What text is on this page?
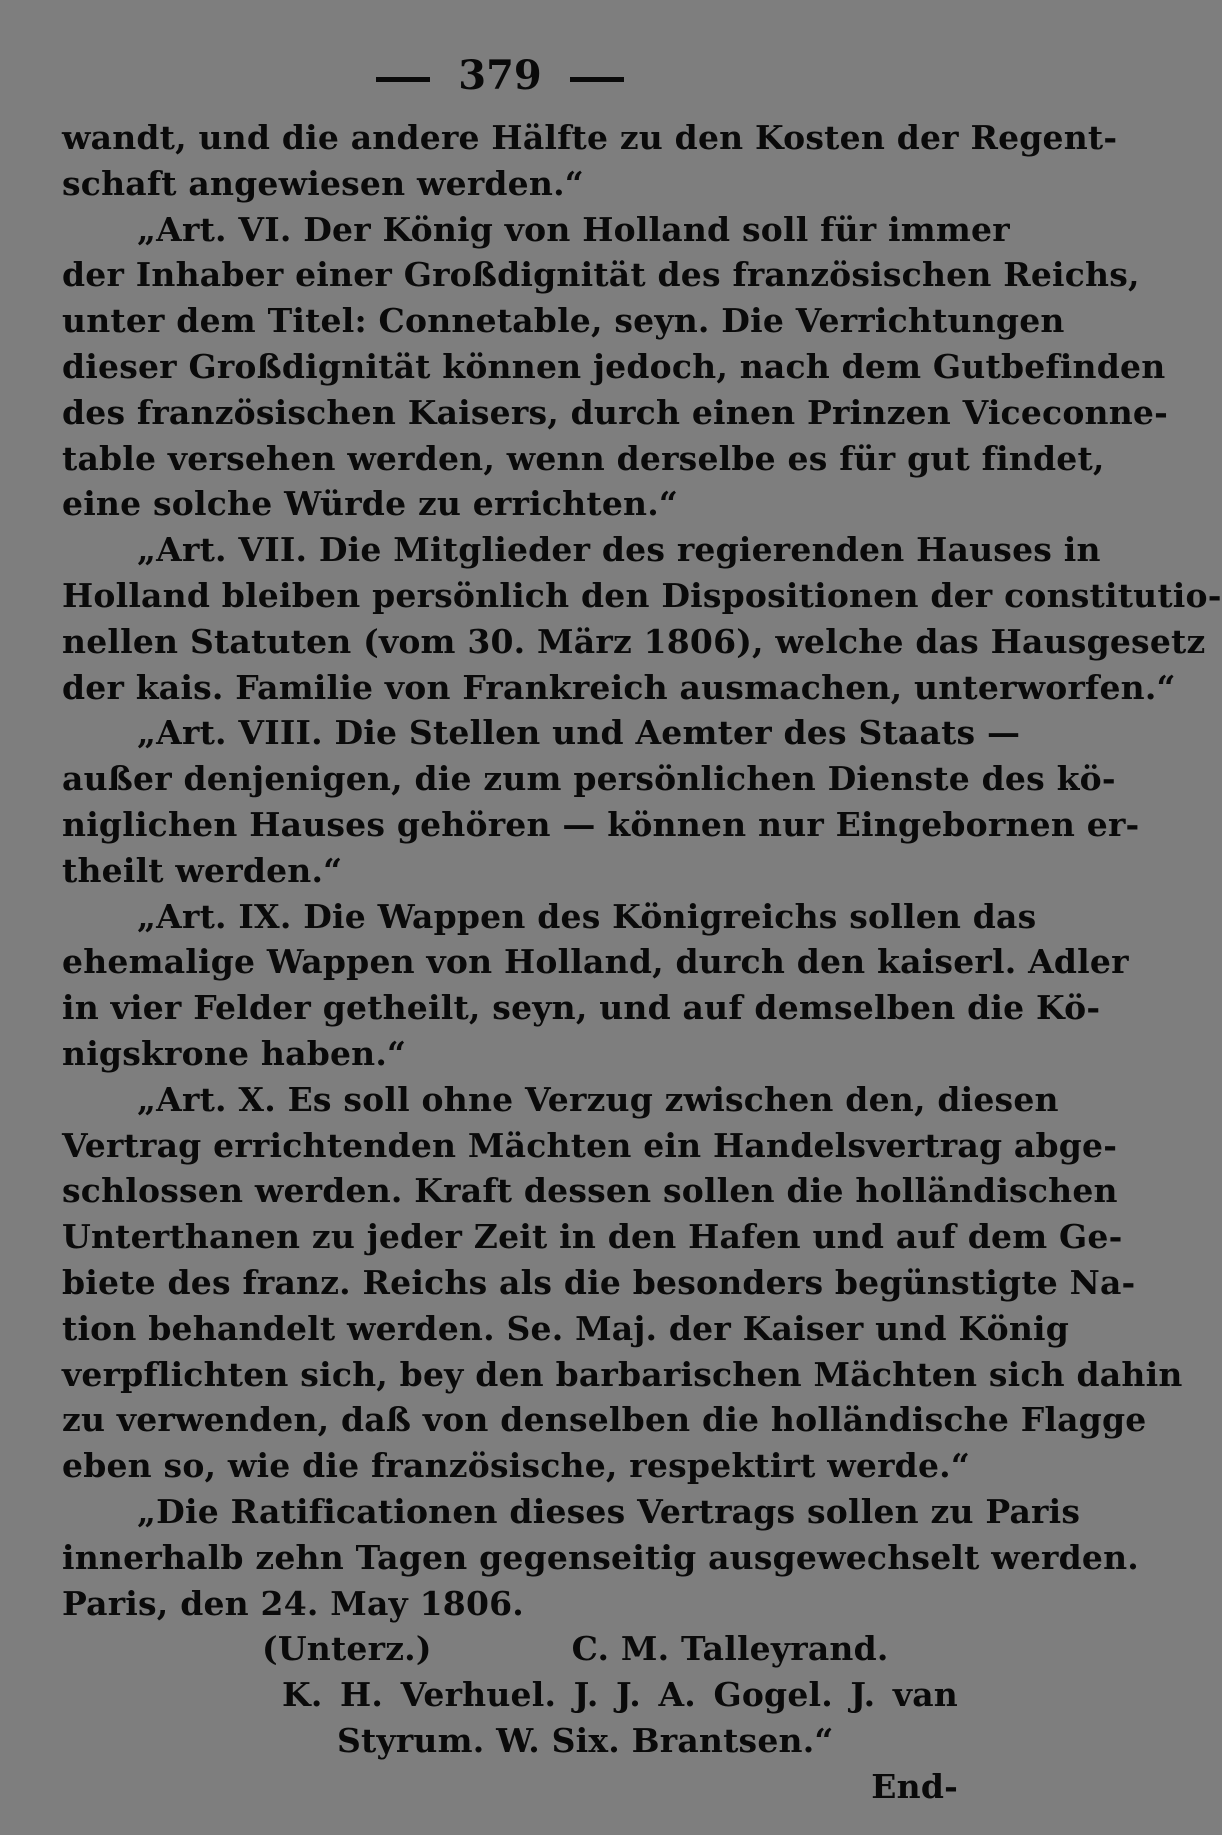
379
wandt, und die andere Hälfte zu den Kosten der Regent-
schaft angewiesen werden.“
„Art. VI. Der König von Holland soll für immer
der Inhaber einer Großdignität des französischen Reichs,
unter dem Titel: Connetable, seyn. Die Verrichtungen
dieser Großdignität können jedoch, nach dem Gutbefinden
des französischen Kaisers, durch einen Prinzen Viceconne-
table versehen werden, wenn derselbe es für gut findet,
eine solche Würde zu errichten.“
„Art. VII. Die Mitglieder des regierenden Hauses in
Holland bleiben persönlich den Dispositionen der constitutio-
nellen Statuten (vom 30. März 1806), welche das Hausgesetz
der kais. Familie von Frankreich ausmachen, unterworfen.“
„Art. VIII. Die Stellen und Aemter des Staats —
außer denjenigen, die zum persönlichen Dienste des kö-
niglichen Hauses gehören — können nur Eingebornen er-
theilt werden.“
„Art. IX. Die Wappen des Königreichs sollen das
ehemalige Wappen von Holland, durch den kaiserl. Adler
in vier Felder getheilt, seyn, und auf demselben die Kö-
nigskrone haben.“
„Art. X. Es soll ohne Verzug zwischen den, diesen
Vertrag errichtenden Mächten ein Handelsvertrag abge-
schlossen werden. Kraft dessen sollen die holländischen
Unterthanen zu jeder Zeit in den Hafen und auf dem Ge-
biete des franz. Reichs als die besonders begünstigte Na-
tion behandelt werden. Se. Maj. der Kaiser und König
verpflichten sich, bey den barbarischen Mächten sich dahin
zu verwenden, daß von denselben die holländische Flagge
eben so, wie die französische, respektirt werde.“
„Die Ratificationen dieses Vertrags sollen zu Paris
innerhalb zehn Tagen gegenseitig ausgewechselt werden.
Paris, den 24. May 1806.
(Unterz.)	C. M. Talleyrand.
K. H. Verhuel. J. J. A. Gogel. J. van
Styrum. W. Six. Brantsen.“
End-
